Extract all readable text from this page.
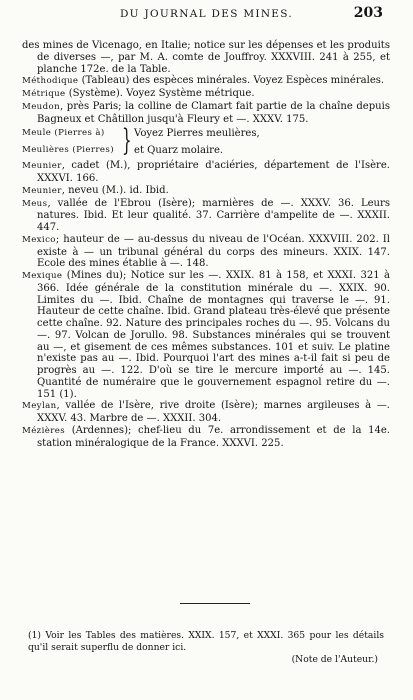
DU JOURNAL DES MINES.	203

des mines de Vicenago, en Italie; notice sur les dépenses et les produits de diverses —, par M. A. comte de Jouffroy. XXXVIII. 241 à 255, et planche 172e. de la Table.

Méthodique (Tableau) des espèces minérales. Voyez Espèces minérales.

Métrique (Système). Voyez Système métrique.

Meudon, près Paris; la colline de Clamart fait partie de la chaîne depuis Bagneux et Châtillon jusqu'à Fleury et —. XXXV. 175.

Meule (Pierres à)
Meulières (Pierres) } Voyez Pierres meulières,
et Quarz molaire.

Meunier, cadet (M.), propriétaire d'aciéries, département de l'Isère. XXXVI. 166.

Meunier, neveu (M.). id. Ibid.

Meus, vallée de l'Ebrou (Isère); marnières de —. XXXV. 36. Leurs natures. Ibid. Et leur qualité. 37. Carrière d'ampelite de —. XXXII. 447.

Mexico; hauteur de — au-dessus du niveau de l'Océan. XXXVIII. 202. Il existe à — un tribunal général du corps des mineurs. XXIX. 147. Ecole des mines établie à —. 148.

Mexique (Mines du); Notice sur les —. XXIX. 81 à 158, et XXXI. 321 à 366. Idée générale de la constitution minérale du —. XXIX. 90. Limites du —. Ibid. Chaîne de montagnes qui traverse le —. 91. Hauteur de cette chaîne. Ibid. Grand plateau très-élevé que présente cette chaîne. 92. Nature des principales roches du —. 95. Volcans du —. 97. Volcan de Jorullo. 98. Substances minérales qui se trouvent au —, et gisement de ces mêmes substances. 101 et suiv. Le platine n'existe pas au —. Ibid. Pourquoi l'art des mines a-t-il fait si peu de progrès au —. 122. D'où se tire le mercure importé au —. 145. Quantité de numéraire que le gouvernement espagnol retire du —. 151 (1).

Meylan, vallée de l'Isère, rive droite (Isère); marnes argileuses à —. XXXV. 43. Marbre de —. XXXII. 304.

Mézières (Ardennes); chef-lieu du 7e. arrondissement et de la 14e. station minéralogique de la France. XXXVI. 225.

(1) Voir les Tables des matières. XXIX. 157, et XXXI. 365 pour les détails qu'il serait superflu de donner ici.
(Note de l'Auteur.)
